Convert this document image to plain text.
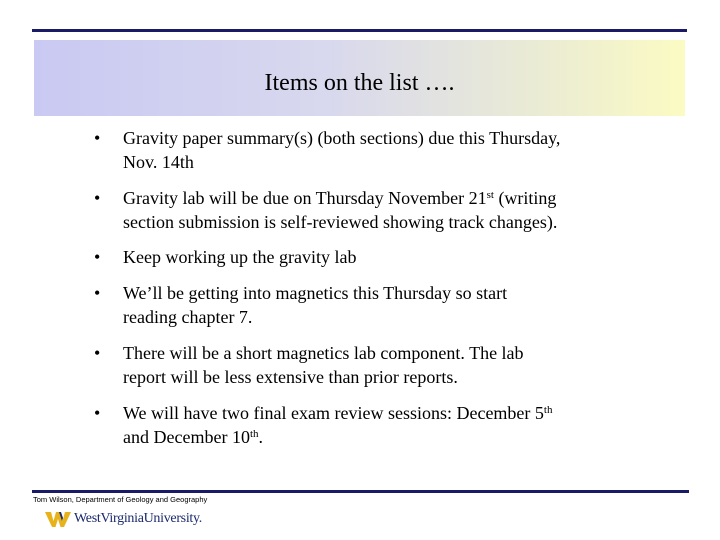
Items on the list ….
• Gravity paper summary(s) (both sections) due this Thursday,
Nov. 14th
• Gravity lab will be due on Thursday November 21st (writing
section submission is self-reviewed showing track changes).
• Keep working up the gravity lab
• We’ll be getting into magnetics this Thursday so start
reading chapter 7.
• There will be a short magnetics lab component. The lab
report will be less extensive than prior reports.
• We will have two final exam review sessions: December 5th
and December 10th.
Tom Wilson, Department of Geology and Geography
WestVirginiaUniversity.
